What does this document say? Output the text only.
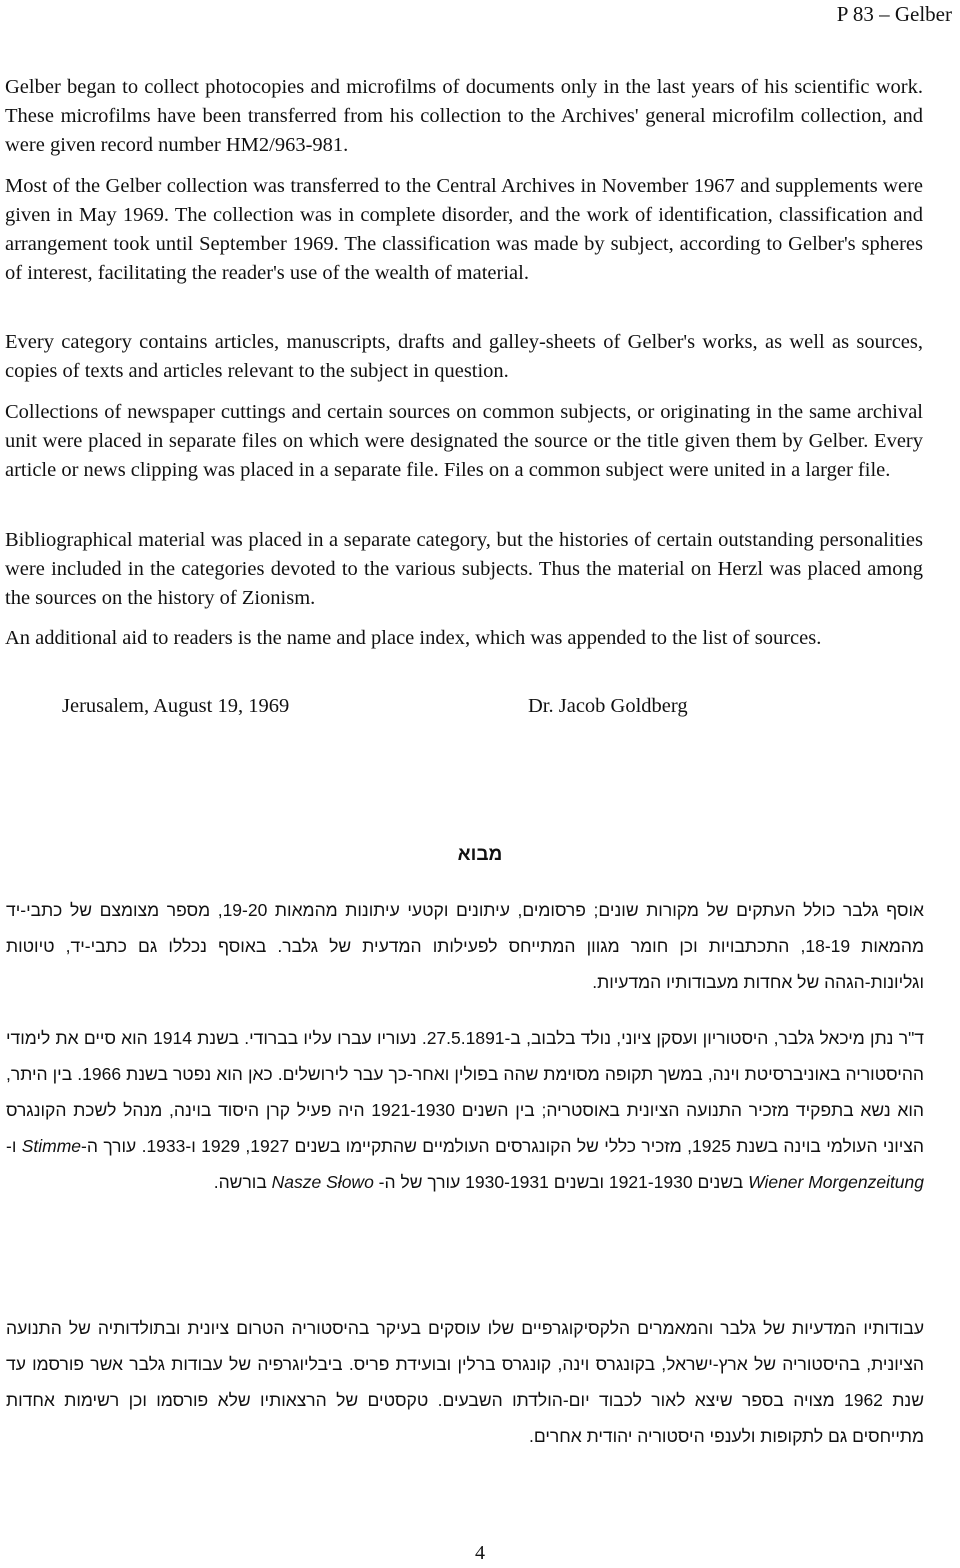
P 83 – Gelber

Gelber began to collect photocopies and microfilms of documents only in the last years of his scientific work. These microfilms have been transferred from his collection to the Archives' general microfilm collection, and were given record number HM2/963-981.

Most of the Gelber collection was transferred to the Central Archives in November 1967 and supplements were given in May 1969. The collection was in complete disorder, and the work of identification, classification and arrangement took until September 1969. The classification was made by subject, according to Gelber's spheres of interest, facilitating the reader's use of the wealth of material.

Every category contains articles, manuscripts, drafts and galley-sheets of Gelber's works, as well as sources, copies of texts and articles relevant to the subject in question.

Collections of newspaper cuttings and certain sources on common subjects, or originating in the same archival unit were placed in separate files on which were designated the source or the title given them by Gelber. Every article or news clipping was placed in a separate file. Files on a common subject were united in a larger file.

Bibliographical material was placed in a separate category, but the histories of certain outstanding personalities were included in the categories devoted to the various subjects. Thus the material on Herzl was placed among the sources on the history of Zionism.

An additional aid to readers is the name and place index, which was appended to the list of sources.

Jerusalem, August 19, 1969	Dr. Jacob Goldberg
מבוא

אוסף גלבר כולל העתקים של מקורות שונים; פרסומים, עיתונים וקטעי עיתונות מהמאות 19-20, מספר מצומצם של כתבי-יד מהמאות 18-19, התכתבויות וכן חומר מגוון המתייחס לפעילותו המדעית של גלבר. באוסף נכללו גם כתבי-יד, טיוטות וגליונות-הגהה של אחדות מעבודותיו המדעיות.

ד"ר נתן מיכאל גלבר, היסטוריון ועסקן ציוני, נולד בלבוב, ב-27.5.1891. נעוריו עברו עליו בברודי. בשנת 1914 הוא סיים את לימודי ההיסטוריה באוניברסיטת וינה, במשך תקופה מסוימת שהה בפולין ואחר-כך עבר לירושלים. כאן הוא נפטר בשנת 1966. בין היתר, הוא נשא בתפקיד מזכיר התנועה הציונית באוסטריה; בין השנים 1921-1930 היה פעיל קרן היסוד בוינה, מנהל לשכת הקונגרס הציוני העולמי בוינה בשנת 1925, מזכיר כללי של הקונגרסים העולמיים שהתקיימו בשנים 1927, 1929 ו-1933. עורך ה-Stimme ו-Wiener Morgenzeitung בשנים 1921-1930 ובשנים 1930-1931 עורך של ה- Nasze Słowo בורשה.

עבודותיו המדעיות של גלבר והמאמרים הלקסיקוגרפיים שלו עוסקים בעיקר בהיסטוריה הטרום ציונית ובתולדותיה של התנועה הציונית, בהיסטוריה של ארץ-ישראל, בקונגרס וינה, קונגרס ברלין ובועידת פריס. ביבליוגרפיה של עבודות גלבר אשר פורסמו עד שנת 1962 מצויה בספר שיצא לאור לכבוד יום-הולדתו השבעים. טקסטים של הרצאותיו שלא פורסמו וכן רשימות אחדות מתייחסים גם לתקופות ולענפי היסטוריה יהודית אחרים.

4
